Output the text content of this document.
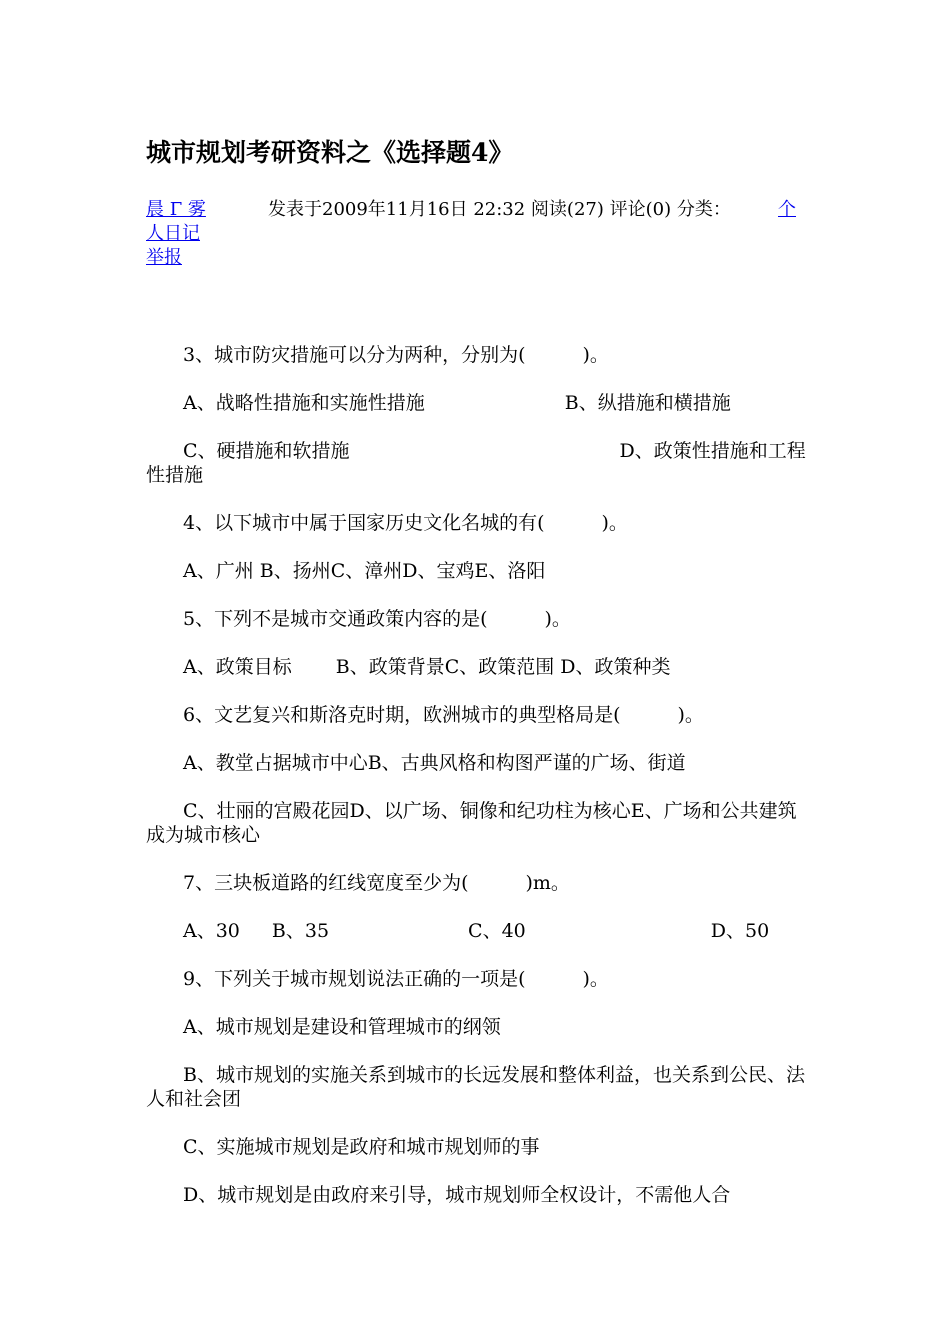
城市规划考研资料之《选择题4》
晨 Γ 雾	发表于2009年11月16日 22:32 阅读(27) 评论(0) 分类：	个
人日记
举报
3、城市防灾措施可以分为两种，分别为(　　　)。
A、战略性措施和实施性措施	B、纵措施和横措施
C、硬措施和软措施	D、政策性措施和工程性措施
4、以下城市中属于国家历史文化名城的有(　　　)。
A、广州 B、扬州C、漳州D、宝鸡E、洛阳
5、下列不是城市交通政策内容的是(　　　)。
A、政策目标 B、政策背景C、政策范围 D、政策种类
6、文艺复兴和斯洛克时期，欧洲城市的典型格局是(　　　)。
A、教堂占据城市中心B、古典风格和构图严谨的广场、街道
C、壮丽的宫殿花园D、以广场、铜像和纪功柱为核心E、广场和公共建筑成为城市核心
7、三块板道路的红线宽度至少为(　　　)m。
A、30 B、35	C、40	D、50
9、下列关于城市规划说法正确的一项是(　　　)。
A、城市规划是建设和管理城市的纲领
B、城市规划的实施关系到城市的长远发展和整体利益，也关系到公民、法人和社会团
C、实施城市规划是政府和城市规划师的事
D、城市规划是由政府来引导，城市规划师全权设计，不需他人合
